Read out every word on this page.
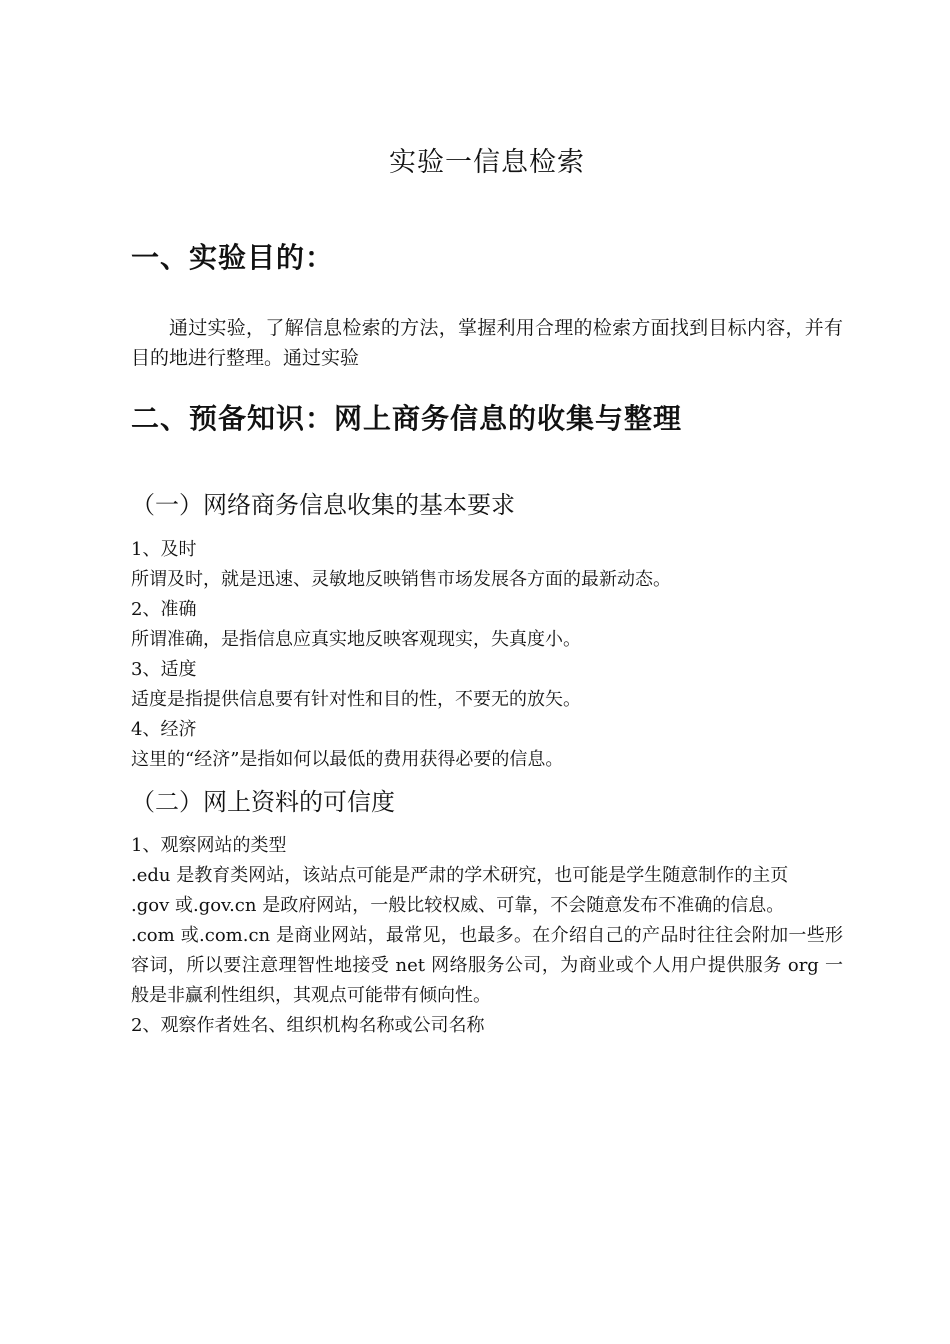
实验一信息检索
一、实验目的：
通过实验，了解信息检索的方法，掌握利用合理的检索方面找到目标内容，并有目的地进行整理。通过实验
二、预备知识：网上商务信息的收集与整理
（一）网络商务信息收集的基本要求

1、及时

所谓及时，就是迅速、灵敏地反映销售市场发展各方面的最新动态。

2、准确

所谓准确，是指信息应真实地反映客观现实，失真度小。

3、适度

适度是指提供信息要有针对性和目的性，不要无的放矢。

4、经济

这里的“经济”是指如何以最低的费用获得必要的信息。

（二）网上资料的可信度

1、观察网站的类型

.edu 是教育类网站，该站点可能是严肃的学术研究，也可能是学生随意制作的主页

.gov 或.gov.cn 是政府网站，一般比较权威、可靠，不会随意发布不准确的信息。

.com 或.com.cn 是商业网站，最常见，也最多。在介绍自己的产品时往往会附加一些形容词，所以要注意理智性地接受 net 网络服务公司，为商业或个人用户提供服务 org 一般是非赢利性组织，其观点可能带有倾向性。

2、观察作者姓名、组织机构名称或公司名称
